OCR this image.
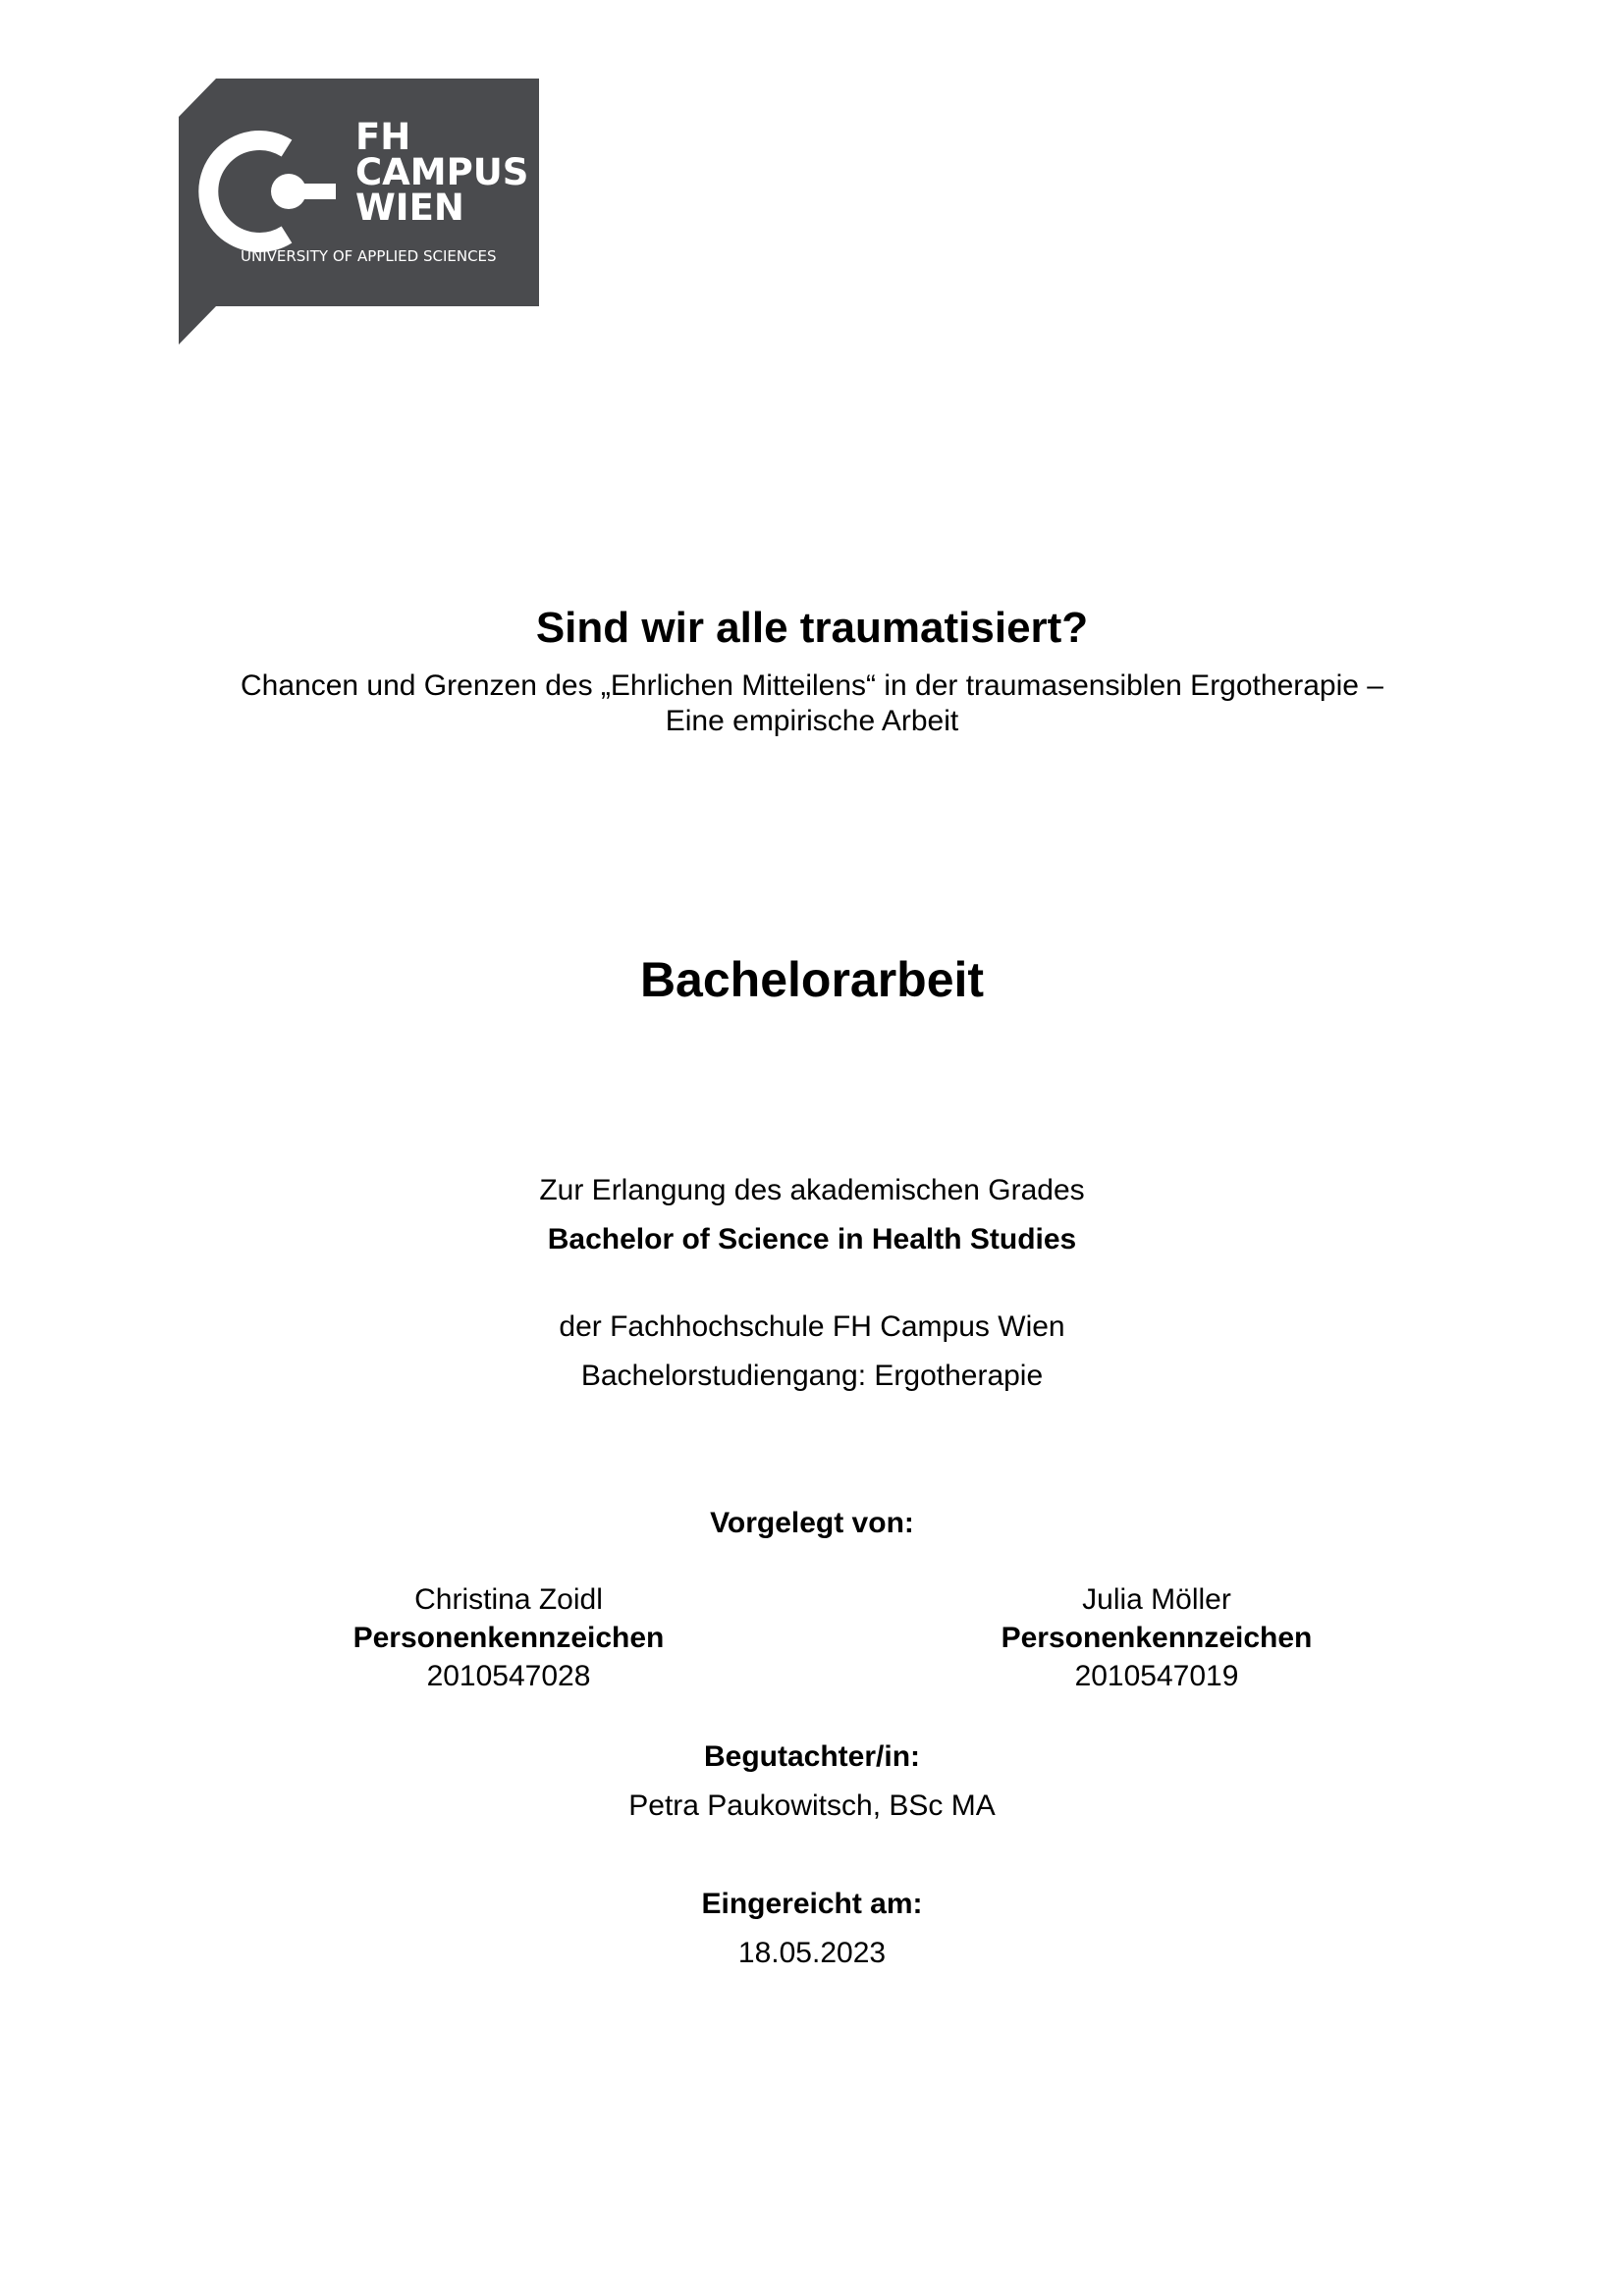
FH
CAMPUS
WIEN
UNIVERSITY OF APPLIED SCIENCES
Sind wir alle traumatisiert?
Chancen und Grenzen des „Ehrlichen Mitteilens“ in der traumasensiblen Ergotherapie –
Eine empirische Arbeit
Bachelorarbeit
Zur Erlangung des akademischen Grades
Bachelor of Science in Health Studies
der Fachhochschule FH Campus Wien
Bachelorstudiengang: Ergotherapie
Vorgelegt von:
Christina Zoidl
Personenkennzeichen
2010547028
Julia Möller
Personenkennzeichen
2010547019
Begutachter/in:
Petra Paukowitsch, BSc MA
Eingereicht am:
18.05.2023
